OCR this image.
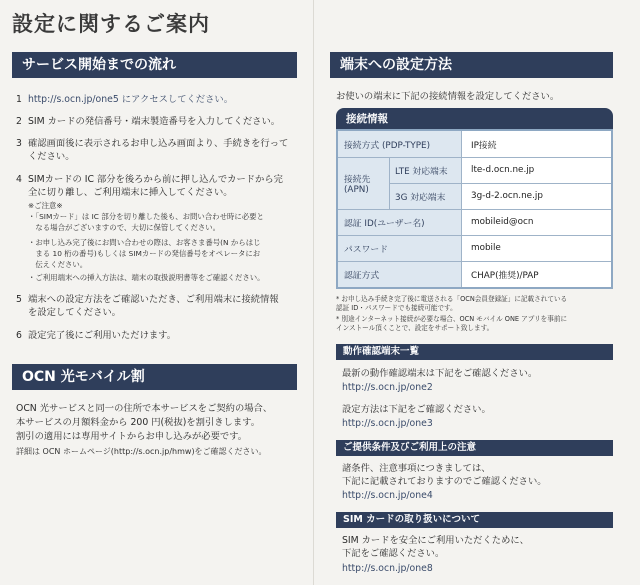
設定に関するご案内
サービス開始までの流れ
1 http://s.ocn.jp/one5 にアクセスしてください。
2 SIM カードの発信番号・端末製造番号を入力してください。
3 確認画面後に表示されるお申し込み画面より、手続きを行って
ください。
4 SIMカードの IC 部分を後ろから前に押し込んでカードから完
全に切り離し、ご利用端末に挿入してください。
※ご注意※
・「SIMカード」は IC 部分を切り離した後も、お問い合わせ時に必要と
　なる場合がございますので、大切に保管してください。
・お申し込み完了後にお問い合わせの際は、お客さま番号(N からはじ
　まる 10 桁の番号)もしくは SIMカードの発信番号をオペレータにお
　伝えください。
・ご利用端末への挿入方法は、端末の取扱説明書等をご確認ください。
5 端末への設定方法をご確認いただき、ご利用端末に接続情報
を設定してください。
6 設定完了後にご利用いただけます。
OCN 光モバイル割
OCN 光サービスと同一の住所で本サービスをご契約の場合、
本サービスの月額料金から 200 円(税抜)を割引きします。
割引の適用には専用サイトからお申し込みが必要です。
詳細は OCN ホームページ(http://s.ocn.jp/hmw)をご確認ください。
端末への設定方法
お使いの端末に下記の接続情報を設定してください。
接続情報
接続方式 (PDP-TYPE)	IP接続
接続先
(APN)
LTE 対応端末	lte-d.ocn.ne.jp
3G 対応端末	3g-d-2.ocn.ne.jp
認証 ID(ユーザー名)	mobileid@ocn
パスワード	mobile
認証方式	CHAP(推奨)/PAP
* お申し込み手続き完了後に電送される「OCN会員登録証」に記載されている
認証 ID・パスワードでも接続可能です。
* 別途インターネット接続が必要な場合、OCN モバイル ONE アプリを事前に
インストール頂くことで、設定をサポート致します。
動作確認端末一覧
最新の動作確認端末は下記をご確認ください。
http://s.ocn.jp/one2
設定方法は下記をご確認ください。
http://s.ocn.jp/one3
ご提供条件及びご利用上の注意
諸条件、注意事項につきましては、
下記に記載されておりますのでご確認ください。
http://s.ocn.jp/one4
SIM カードの取り扱いについて
SIM カードを安全にご利用いただくために、
下記をご確認ください。
http://s.ocn.jp/one8
